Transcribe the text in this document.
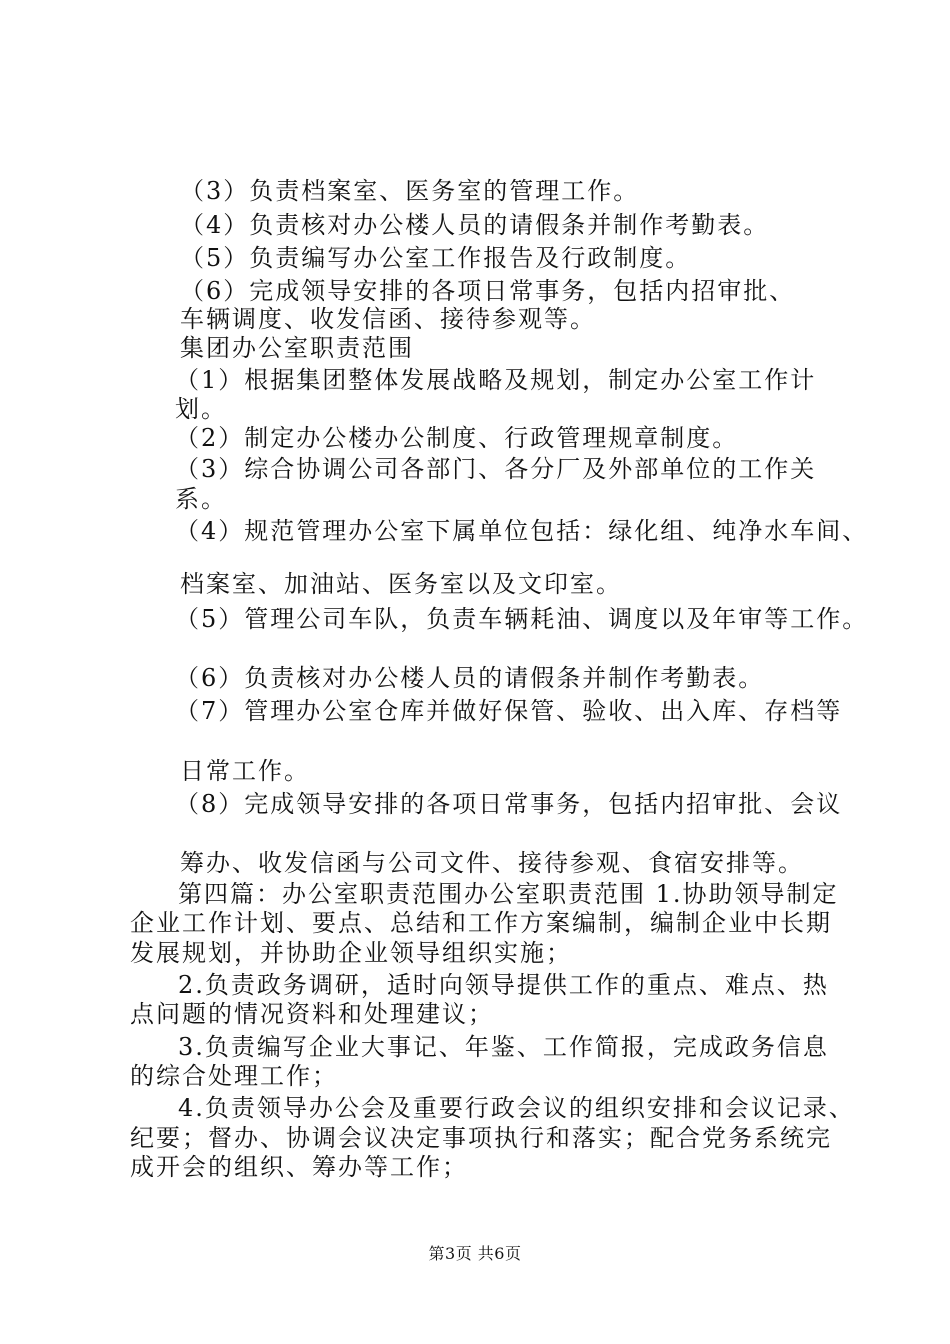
（3）负责档案室、医务室的管理工作。
（4）负责核对办公楼人员的请假条并制作考勤表。
（5）负责编写办公室工作报告及行政制度。
（6）完成领导安排的各项日常事务，包括内招审批、
车辆调度、收发信函、接待参观等。
集团办公室职责范围
（1）根据集团整体发展战略及规划，制定办公室工作计
划。
（2）制定办公楼办公制度、行政管理规章制度。
（3）综合协调公司各部门、各分厂及外部单位的工作关
系。
（4）规范管理办公室下属单位包括：绿化组、纯净水车间、
档案室、加油站、医务室以及文印室。
（5）管理公司车队，负责车辆耗油、调度以及年审等工作。
（6）负责核对办公楼人员的请假条并制作考勤表。
（7）管理办公室仓库并做好保管、验收、出入库、存档等
日常工作。
（8）完成领导安排的各项日常事务，包括内招审批、会议
筹办、收发信函与公司文件、接待参观、食宿安排等。
第四篇：办公室职责范围办公室职责范围 1.协助领导制定
企业工作计划、要点、总结和工作方案编制，编制企业中长期
发展规划，并协助企业领导组织实施；
2.负责政务调研，适时向领导提供工作的重点、难点、热
点问题的情况资料和处理建议；
3.负责编写企业大事记、年鉴、工作简报，完成政务信息
的综合处理工作；
4.负责领导办公会及重要行政会议的组织安排和会议记录、
纪要；督办、协调会议决定事项执行和落实；配合党务系统完
成开会的组织、筹办等工作；
第3页 共6页
